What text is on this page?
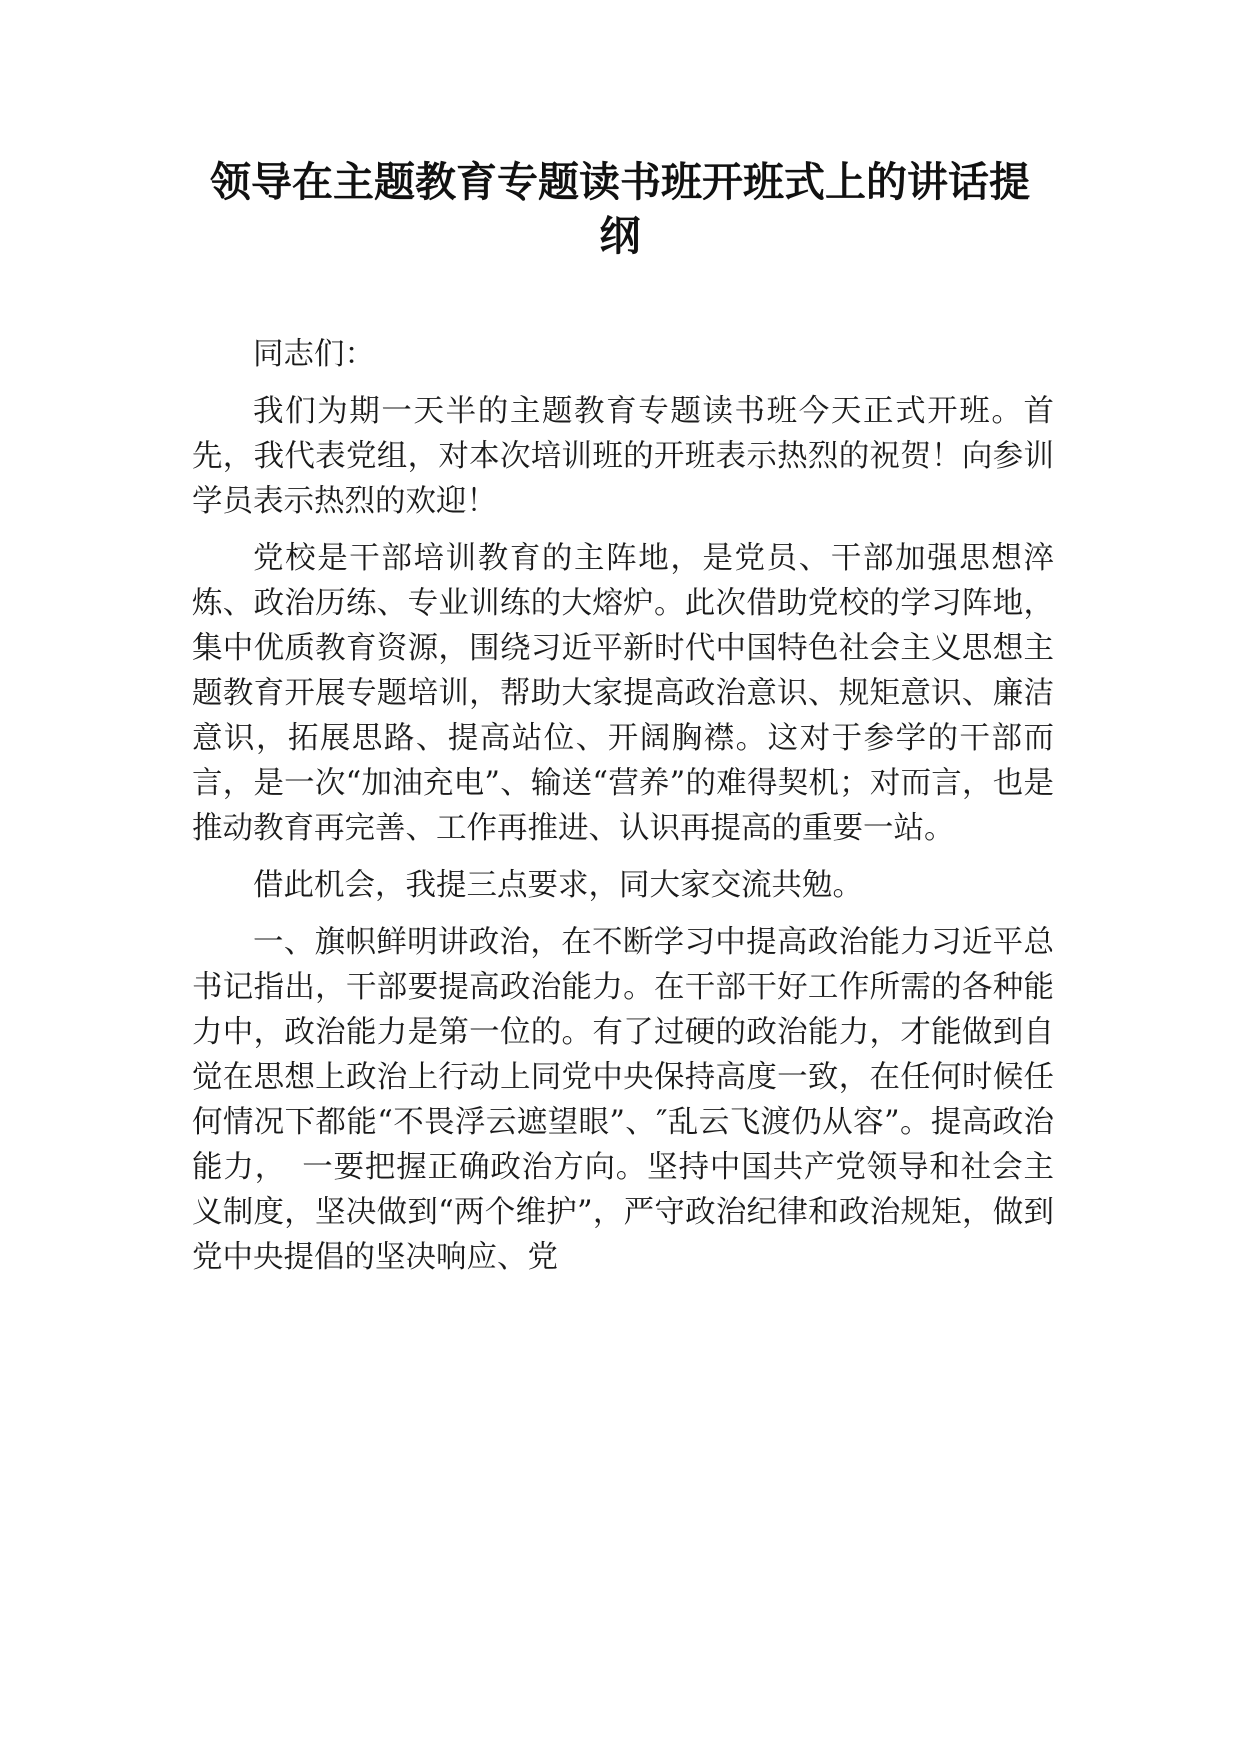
领导在主题教育专题读书班开班式上的讲话提纲

同志们：

我们为期一天半的主题教育专题读书班今天正式开班。首先，我代表党组，对本次培训班的开班表示热烈的祝贺！向参训学员表示热烈的欢迎！

党校是干部培训教育的主阵地，是党员、干部加强思想淬炼、政治历练、专业训练的大熔炉。此次借助党校的学习阵地，集中优质教育资源，围绕习近平新时代中国特色社会主义思想主题教育开展专题培训，帮助大家提高政治意识、规矩意识、廉洁意识，拓展思路、提高站位、开阔胸襟。这对于参学的干部而言，是一次“加油充电”、输送“营养”的难得契机；对而言，也是推动教育再完善、工作再推进、认识再提高的重要一站。

借此机会，我提三点要求，同大家交流共勉。

一、旗帜鲜明讲政治，在不断学习中提高政治能力习近平总书记指出，干部要提高政治能力。在干部干好工作所需的各种能力中，政治能力是第一位的。有了过硬的政治能力，才能做到自觉在思想上政治上行动上同党中央保持高度一致，在任何时候任何情况下都能“不畏浮云遮望眼”、″乱云飞渡仍从容”。提高政治能力，　一要把握正确政治方向。坚持中国共产党领导和社会主义制度，坚决做到“两个维护”，严守政治纪律和政治规矩，做到党中央提倡的坚决响应、党
